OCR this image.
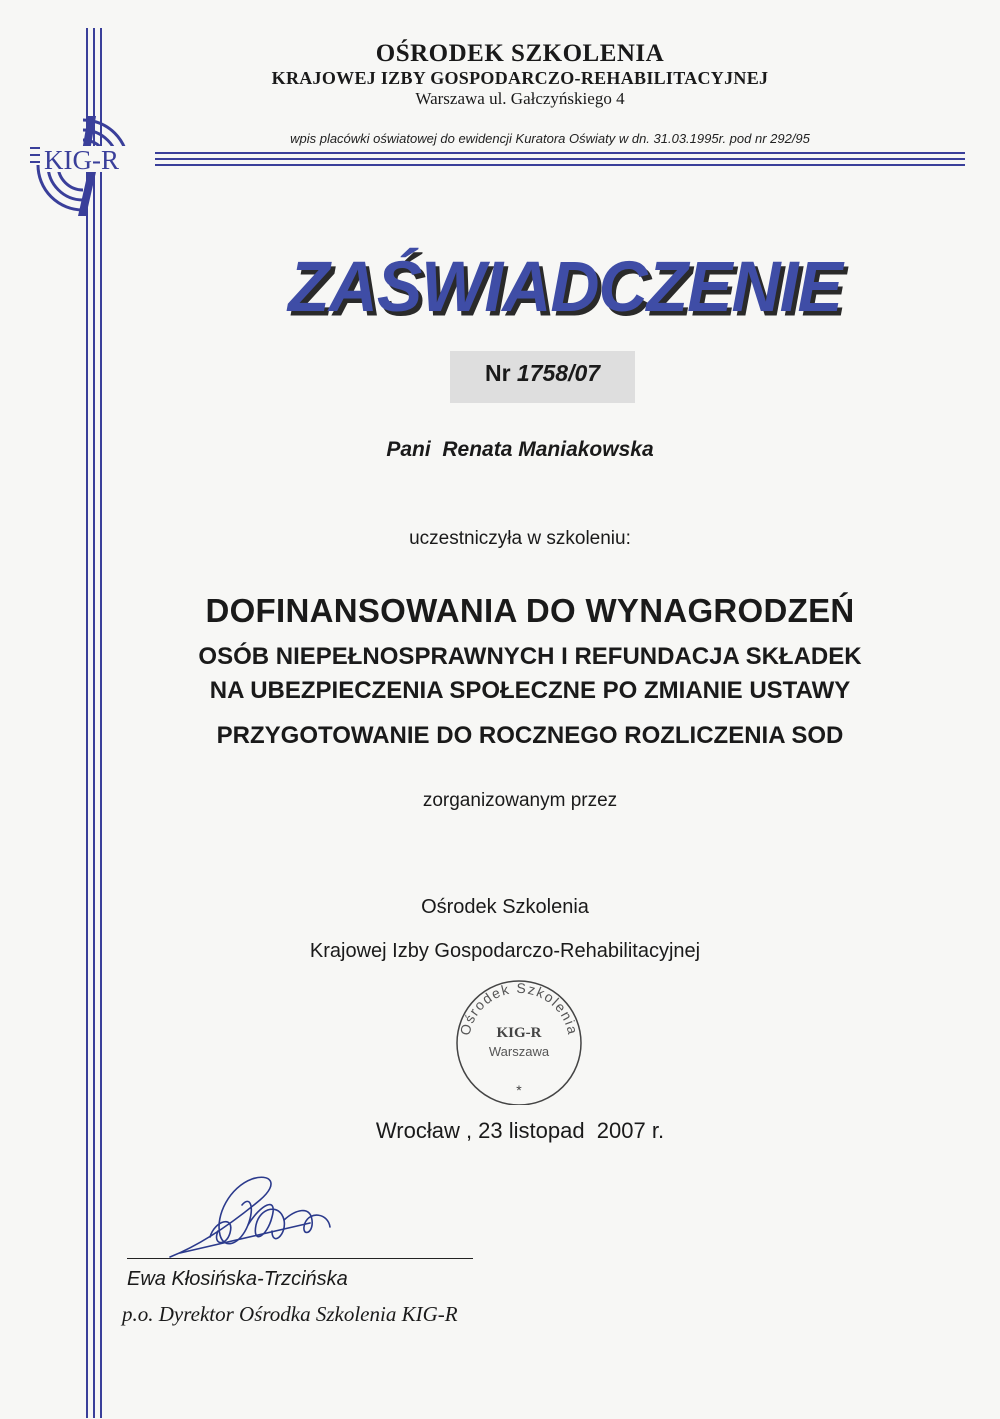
KIG-R
OŚRODEK SZKOLENIA
KRAJOWEJ IZBY GOSPODARCZO-REHABILITACYJNEJ
Warszawa ul. Gałczyńskiego 4
wpis placówki oświatowej do ewidencji Kuratora Oświaty w dn. 31.03.1995r. pod nr 292/95
ZAŚWIADCZENIE
Nr 1758/07
Pani  Renata Maniakowska
uczestniczyła w szkoleniu:
DOFINANSOWANIA DO WYNAGRODZEŃ
OSÓB NIEPEŁNOSPRAWNYCH I REFUNDACJA SKŁADEK
NA UBEZPIECZENIA SPOŁECZNE PO ZMIANIE USTAWY
PRZYGOTOWANIE DO ROCZNEGO ROZLICZENIA SOD
zorganizowanym przez
Ośrodek Szkolenia
Krajowej Izby Gospodarczo-Rehabilitacyjnej
Ośrodek Szkolenia
KIG-R
Warszawa
*
Wrocław , 23 listopad  2007 r.
Ewa Kłosińska-Trzcińska
p.o. Dyrektor Ośrodka Szkolenia KIG-R
